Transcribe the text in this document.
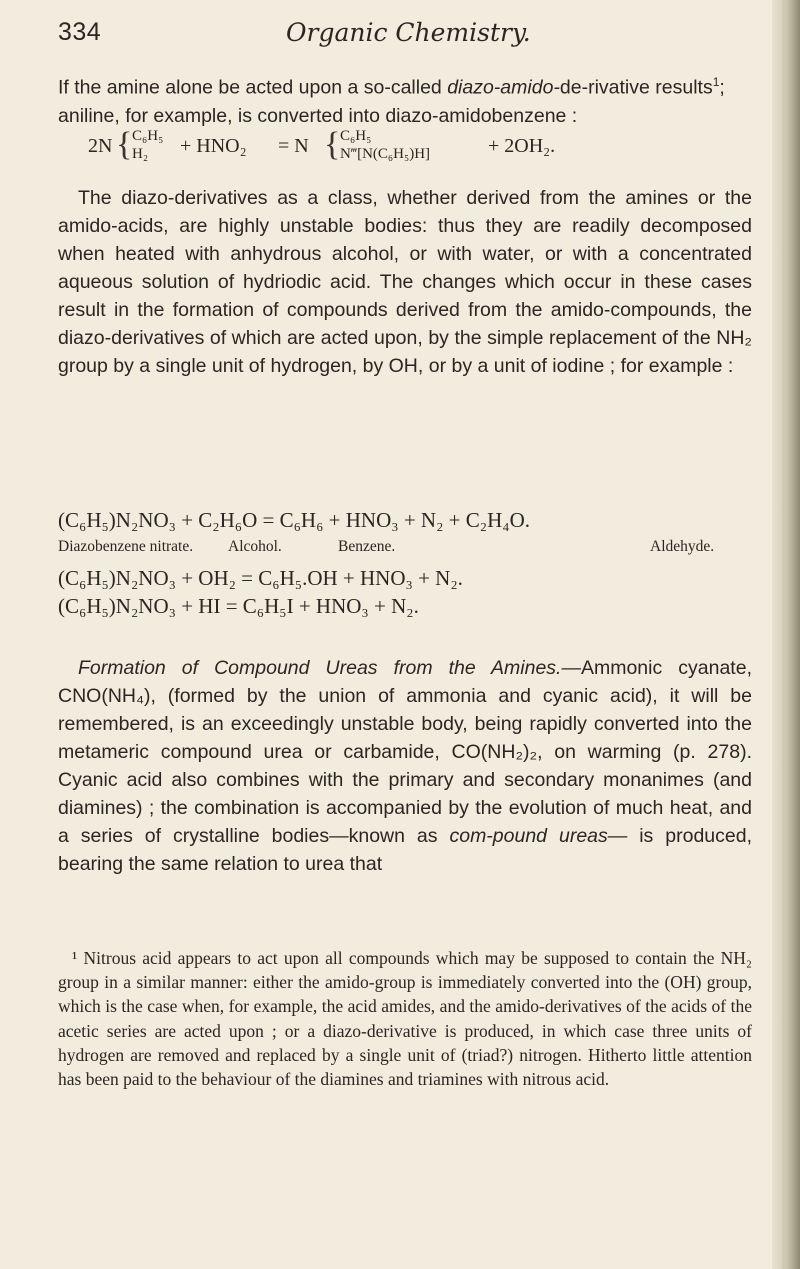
334	Organic Chemistry.
If the amine alone be acted upon a so-called diazo-amido-de-rivative results$^1$; aniline, for example, is converted into diazo-amidobenzene :
2N { C₆H₅
H₂ + HNO₂ = N { C₆H₅
N‴[N(C₆H₅)H]	+ 2OH₂.
The diazo-derivatives as a class, whether derived from the amines or the amido-acids, are highly unstable bodies: thus they are readily decomposed when heated with anhydrous alcohol, or with water, or with a concentrated aqueous solution of hydriodic acid. The changes which occur in these cases result in the formation of compounds derived from the amido-compounds, the diazo-derivatives of which are acted upon, by the simple replacement of the NH₂ group by a single unit of hydrogen, by OH, or by a unit of iodine ; for example :
(C₆H₅)N₂NO₃ + C₂H₆O = C₆H₆ + HNO₃ + N₂ + C₂H₄O.
Diazobenzene nitrate. Alcohol.	Benzene.	Aldehyde.
(C₆H₅)N₂NO₃ + OH₂ = C₆H₅.OH + HNO₃ + N₂.
(C₆H₅)N₂NO₃ + HI = C₆H₅I + HNO₃ + N₂.
Formation of Compound Ureas from the Amines.—Ammonic cyanate, CNO(NH₄), (formed by the union of ammonia and cyanic acid), it will be remembered, is an exceedingly unstable body, being rapidly converted into the metameric compound urea or carbamide, CO(NH₂)₂, on warming (p. 278). Cyanic acid also combines with the primary and secondary monanimes (and diamines) ; the combination is accompanied by the evolution of much heat, and a series of crystalline bodies—known as com-pound ureas— is produced, bearing the same relation to urea that
¹ Nitrous acid appears to act upon all compounds which may be supposed to contain the NH₂ group in a similar manner: either the amido-group is immediately converted into the (OH) group, which is the case when, for example, the acid amides, and the amido-derivatives of the acids of the acetic series are acted upon ; or a diazo-derivative is produced, in which case three units of hydrogen are removed and replaced by a single unit of (triad?) nitrogen. Hitherto little attention has been paid to the behaviour of the diamines and triamines with nitrous acid.
